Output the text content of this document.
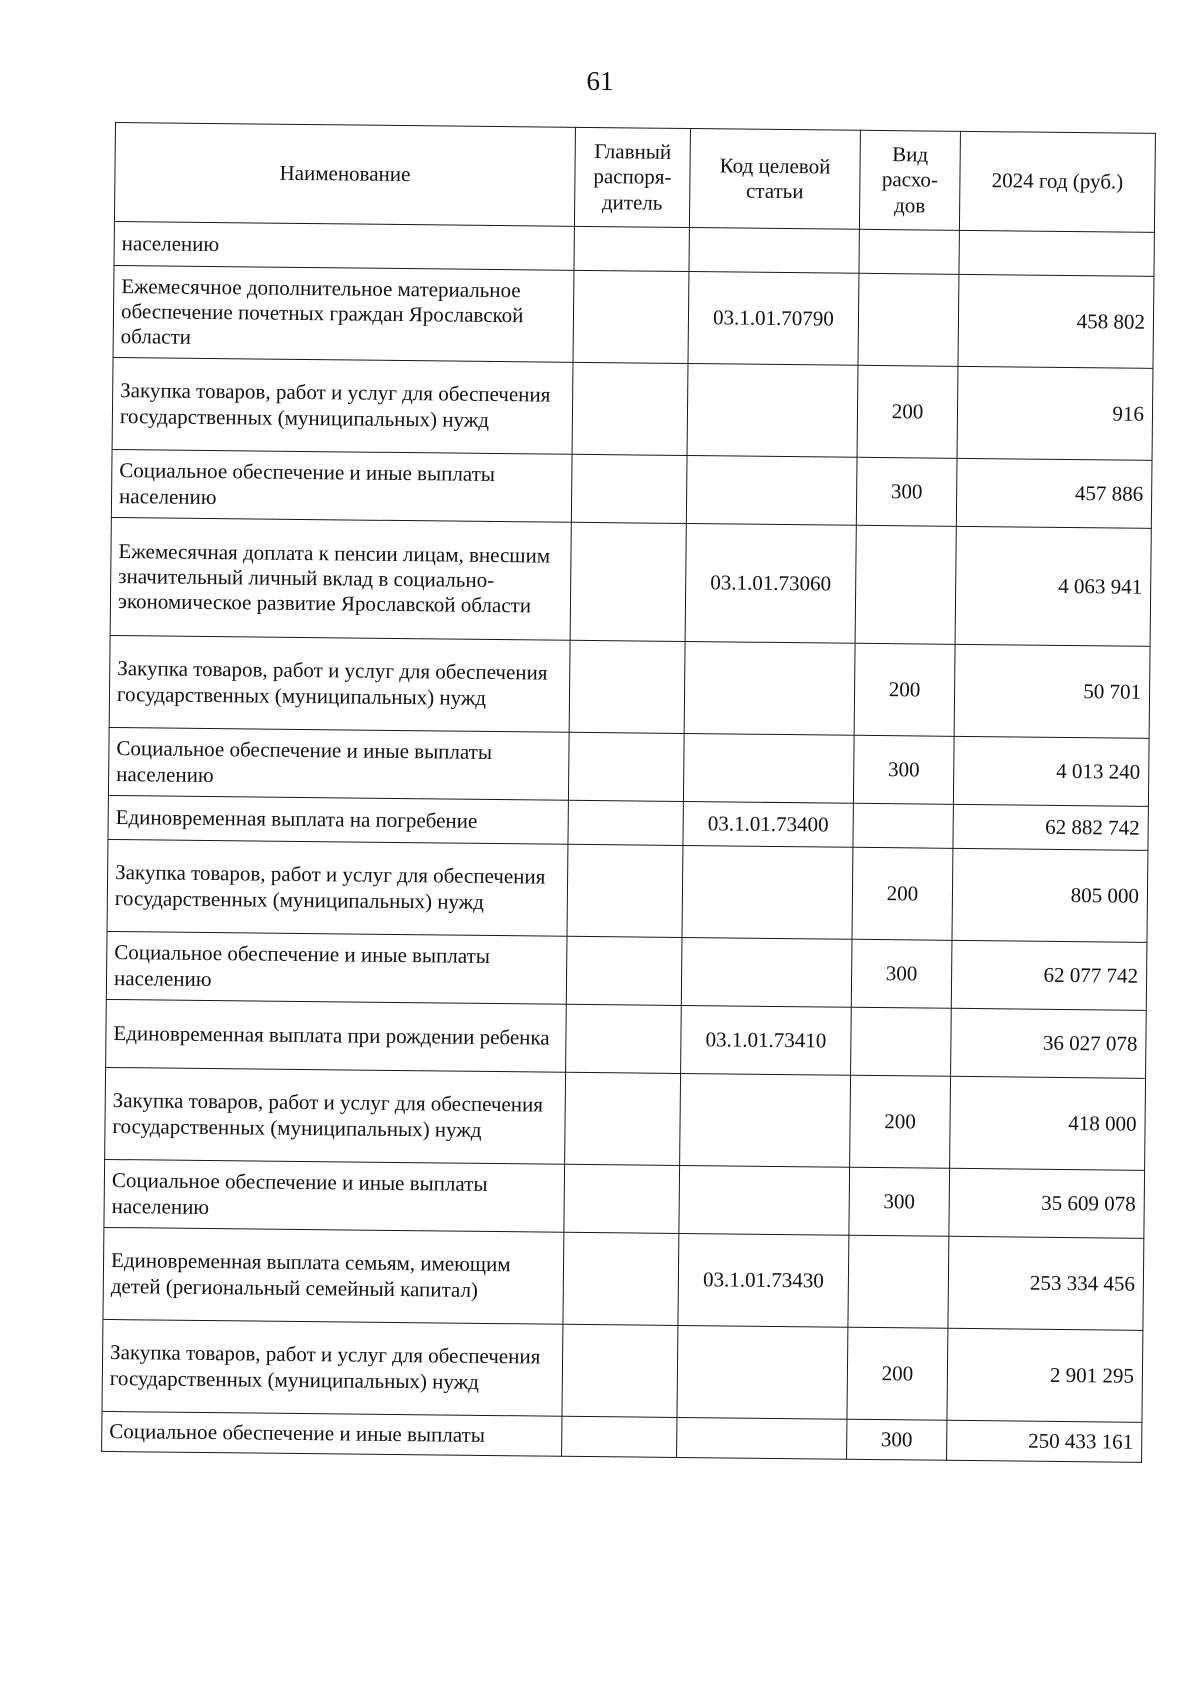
61
Наименование	Главный распоря-дитель	Код целевой статьи	Вид расхо-дов	2024 год (руб.)
населению				
Ежемесячное дополнительное материальное обеспечение почетных граждан Ярославской области		03.1.01.70790		458 802
Закупка товаров, работ и услуг для обеспечения государственных (муниципальных) нужд			200	916
Социальное обеспечение и иные выплаты населению			300	457 886
Ежемесячная доплата к пенсии лицам, внесшим значительный личный вклад в социально-экономическое развитие Ярославской области		03.1.01.73060		4 063 941
Закупка товаров, работ и услуг для обеспечения государственных (муниципальных) нужд			200	50 701
Социальное обеспечение и иные выплаты населению			300	4 013 240
Единовременная выплата на погребение		03.1.01.73400		62 882 742
Закупка товаров, работ и услуг для обеспечения государственных (муниципальных) нужд			200	805 000
Социальное обеспечение и иные выплаты населению			300	62 077 742
Единовременная выплата при рождении ребенка		03.1.01.73410		36 027 078
Закупка товаров, работ и услуг для обеспечения государственных (муниципальных) нужд			200	418 000
Социальное обеспечение и иные выплаты населению			300	35 609 078
Единовременная выплата семьям, имеющим детей (региональный семейный капитал)		03.1.01.73430		253 334 456
Закупка товаров, работ и услуг для обеспечения государственных (муниципальных) нужд			200	2 901 295
Социальное обеспечение и иные выплаты			300	250 433 161
